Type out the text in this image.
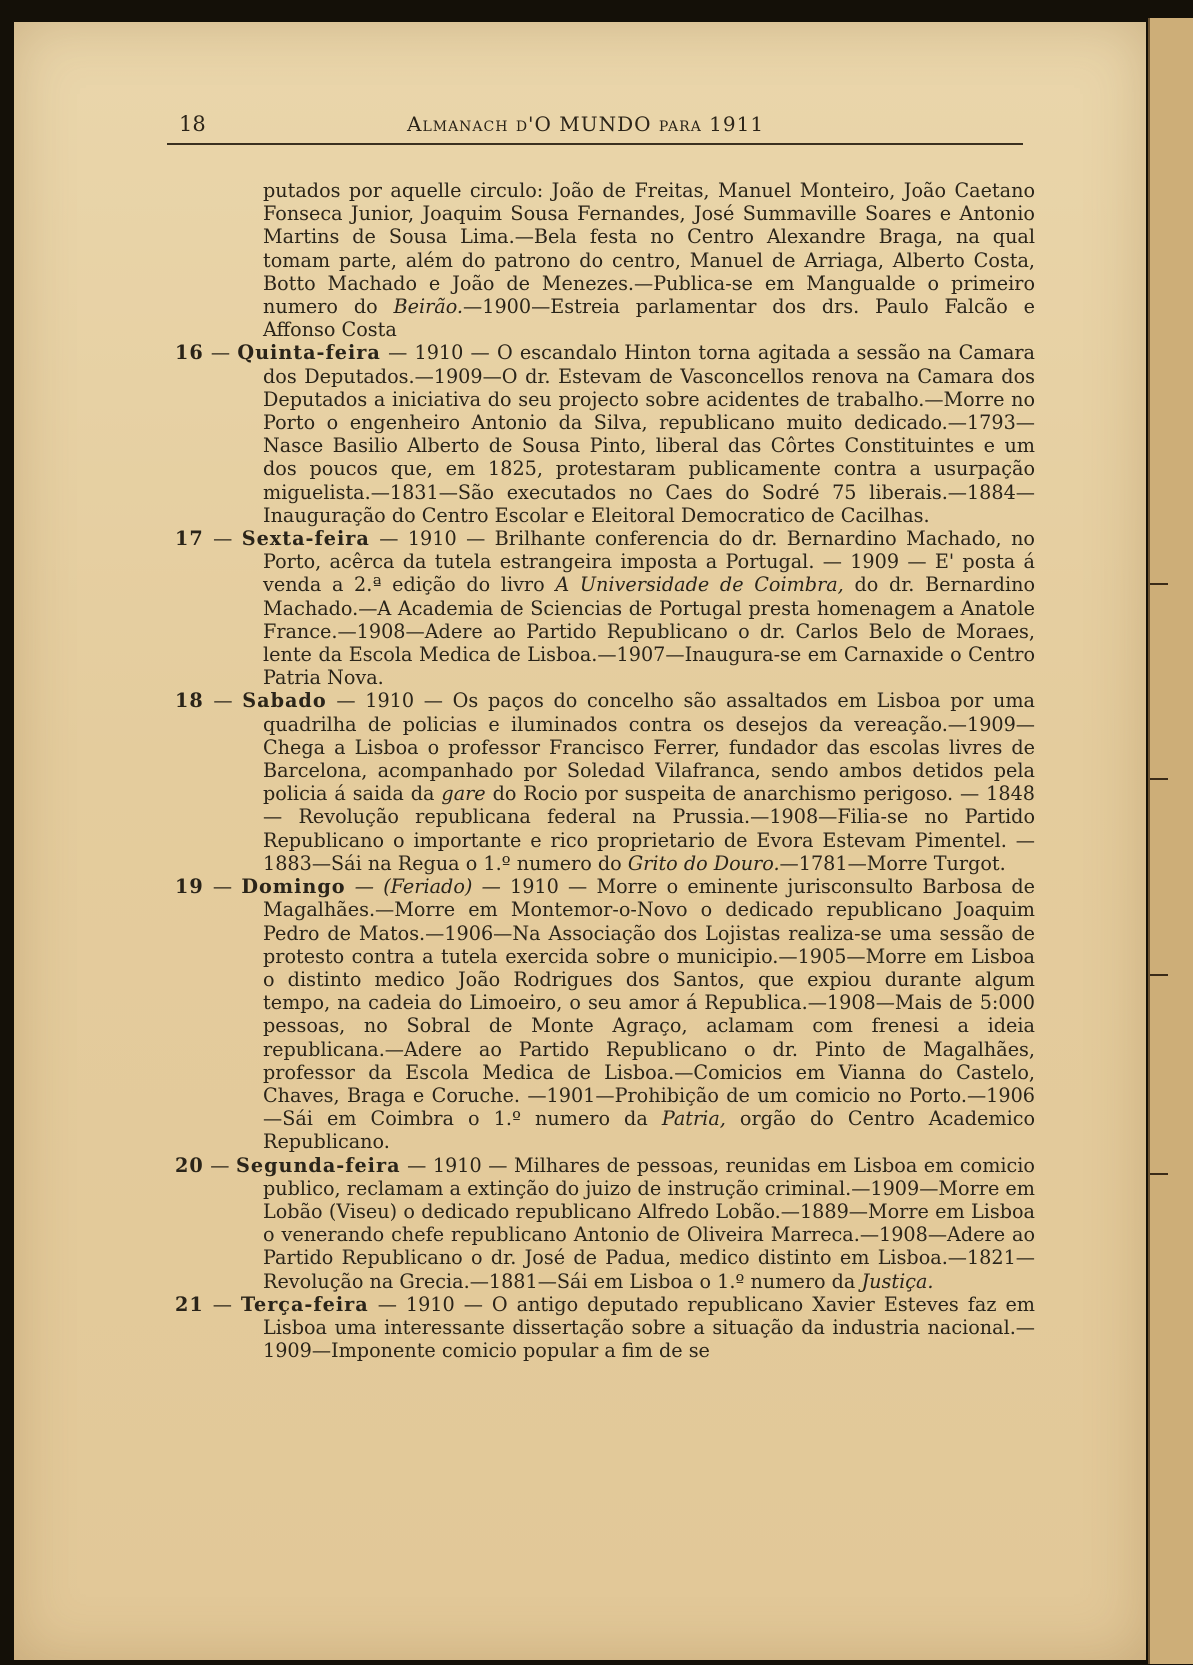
18	Almanach d'O MUNDO para 1911

putados por aquelle circulo: João de Freitas, Manuel Monteiro, João Caetano Fonseca Junior, Joaquim Sousa Fernandes, José Summaville Soares e Antonio Martins de Sousa Lima.—Bela festa no Centro Alexandre Braga, na qual tomam parte, além do patrono do centro, Manuel de Arriaga, Alberto Costa, Botto Machado e João de Menezes.—Publica-se em Mangualde o primeiro numero do Beirão.—1900—Estreia parlamentar dos drs. Paulo Falcão e Affonso Costa

16 — Quinta-feira — 1910 — O escandalo Hinton torna agitada a sessão na Camara dos Deputados.—1909—O dr. Estevam de Vasconcellos renova na Camara dos Deputados a iniciativa do seu projecto sobre acidentes de trabalho.—Morre no Porto o engenheiro Antonio da Silva, republicano muito dedicado.—1793—Nasce Basilio Alberto de Sousa Pinto, liberal das Côrtes Constituintes e um dos poucos que, em 1825, protestaram publicamente contra a usurpação miguelista.—1831—São executados no Caes do Sodré 75 liberais.—1884—Inauguração do Centro Escolar e Eleitoral Democratico de Cacilhas.

17 — Sexta-feira — 1910 — Brilhante conferencia do dr. Bernardino Machado, no Porto, acêrca da tutela estrangeira imposta a Portugal. — 1909 — E' posta á venda a 2.ª edição do livro A Universidade de Coimbra, do dr. Bernardino Machado.—A Academia de Sciencias de Portugal presta homenagem a Anatole France.—1908—Adere ao Partido Republicano o dr. Carlos Belo de Moraes, lente da Escola Medica de Lisboa.—1907—Inaugura-se em Carnaxide o Centro Patria Nova.

18 — Sabado — 1910 — Os paços do concelho são assaltados em Lisboa por uma quadrilha de policias e iluminados contra os desejos da vereação.—1909—Chega a Lisboa o professor Francisco Ferrer, fundador das escolas livres de Barcelona, acompanhado por Soledad Vilafranca, sendo ambos detidos pela policia á saida da gare do Rocio por suspeita de anarchismo perigoso. — 1848 — Revolução republicana federal na Prussia.—1908—Filia-se no Partido Republicano o importante e rico proprietario de Evora Estevam Pimentel. —1883—Sái na Regua o 1.º numero do Grito do Douro.—1781—Morre Turgot.

19 — Domingo — (Feriado) — 1910 — Morre o eminente jurisconsulto Barbosa de Magalhães.—Morre em Montemor-o-Novo o dedicado republicano Joaquim Pedro de Matos.—1906—Na Associação dos Lojistas realiza-se uma sessão de protesto contra a tutela exercida sobre o municipio.—1905—Morre em Lisboa o distinto medico João Rodrigues dos Santos, que expiou durante algum tempo, na cadeia do Limoeiro, o seu amor á Republica.—1908—Mais de 5:000 pessoas, no Sobral de Monte Agraço, aclamam com frenesi a ideia republicana.—Adere ao Partido Republicano o dr. Pinto de Magalhães, professor da Escola Medica de Lisboa.—Comicios em Vianna do Castelo, Chaves, Braga e Coruche. —1901—Prohibição de um comicio no Porto.—1906—Sái em Coimbra o 1.º numero da Patria, orgão do Centro Academico Republicano.

20 — Segunda-feira — 1910 — Milhares de pessoas, reunidas em Lisboa em comicio publico, reclamam a extinção do juizo de instrução criminal.—1909—Morre em Lobão (Viseu) o dedicado republicano Alfredo Lobão.—1889—Morre em Lisboa o venerando chefe republicano Antonio de Oliveira Marreca.—1908—Adere ao Partido Republicano o dr. José de Padua, medico distinto em Lisboa.—1821—Revolução na Grecia.—1881—Sái em Lisboa o 1.º numero da Justiça.

21 — Terça-feira — 1910 — O antigo deputado republicano Xavier Esteves faz em Lisboa uma interessante dissertação sobre a situação da industria nacional.—1909—Imponente comicio popular a fim de se
